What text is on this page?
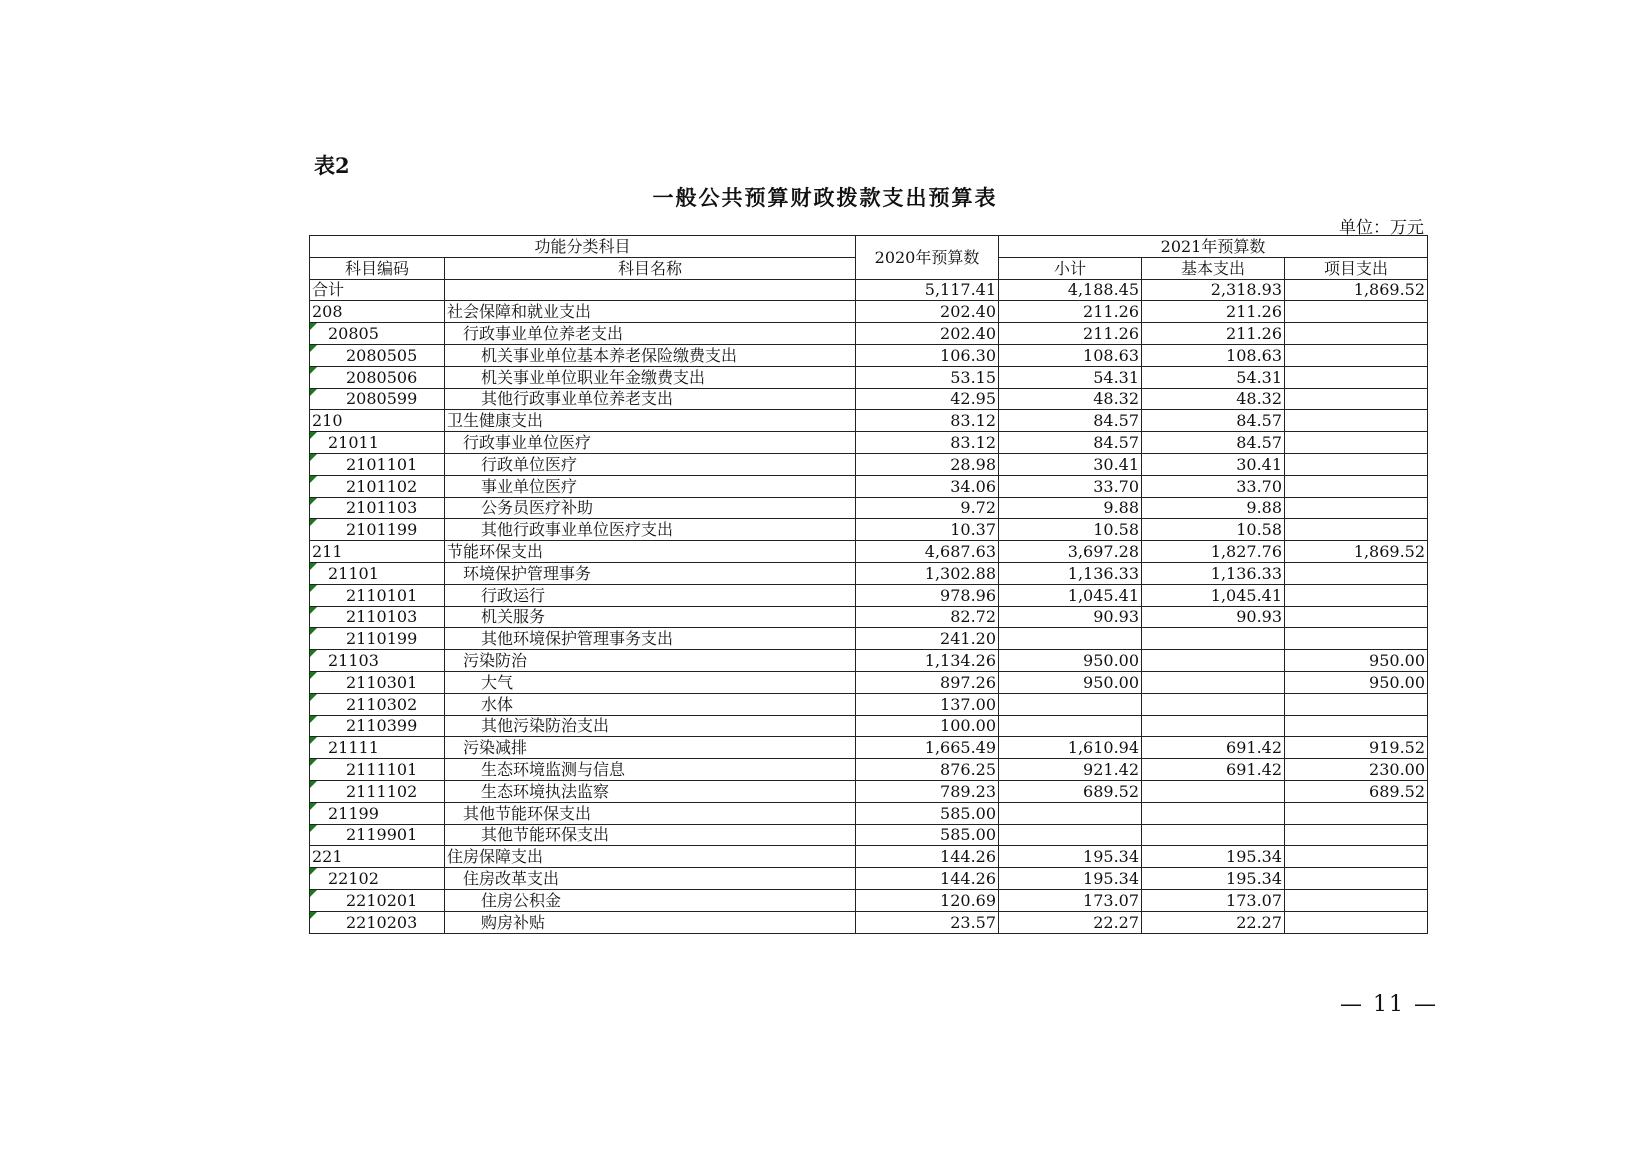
表2
一般公共预算财政拨款支出预算表
单位：万元
功能分类科目		2020年预算数	2021年预算数		
科目编码	科目名称		小计	基本支出	项目支出
合计		5,117.41	4,188.45	2,318.93	1,869.52
208	社会保障和就业支出	202.40	211.26	211.26	

20805	行政事业单位养老支出	202.40	211.26	211.26	

2080505	机关事业单位基本养老保险缴费支出	106.30	108.63	108.63	

2080506	机关事业单位职业年金缴费支出	53.15	54.31	54.31	

2080599	其他行政事业单位养老支出	42.95	48.32	48.32	
210	卫生健康支出	83.12	84.57	84.57	

21011	行政事业单位医疗	83.12	84.57	84.57	

2101101	行政单位医疗	28.98	30.41	30.41	

2101102	事业单位医疗	34.06	33.70	33.70	

2101103	公务员医疗补助	9.72	9.88	9.88	

2101199	其他行政事业单位医疗支出	10.37	10.58	10.58	
211	节能环保支出	4,687.63	3,697.28	1,827.76	1,869.52

21101	环境保护管理事务	1,302.88	1,136.33	1,136.33	

2110101	行政运行	978.96	1,045.41	1,045.41	

2110103	机关服务	82.72	90.93	90.93	

2110199	其他环境保护管理事务支出	241.20			

21103	污染防治	1,134.26	950.00		950.00

2110301	大气	897.26	950.00		950.00

2110302	水体	137.00			

2110399	其他污染防治支出	100.00			

21111	污染减排	1,665.49	1,610.94	691.42	919.52

2111101	生态环境监测与信息	876.25	921.42	691.42	230.00

2111102	生态环境执法监察	789.23	689.52		689.52

21199	其他节能环保支出	585.00			

2119901	其他节能环保支出	585.00			
221	住房保障支出	144.26	195.34	195.34	

22102	住房改革支出	144.26	195.34	195.34	

2210201	住房公积金	120.69	173.07	173.07	

2210203	购房补贴	23.57	22.27	22.27	
— 11 —
